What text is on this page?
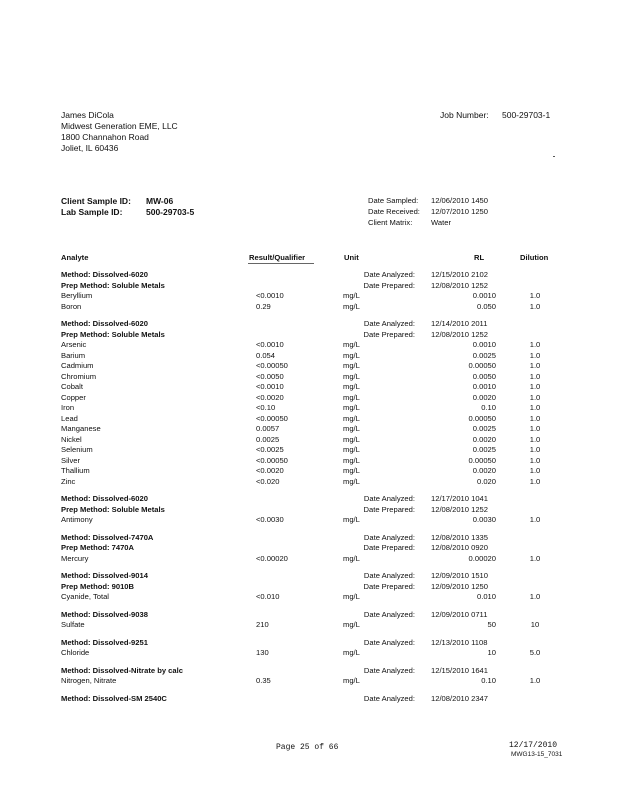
James DiCola
Midwest Generation EME, LLC
1800 Channahon Road
Joliet, IL 60436
Job Number: 500-29703-1
Client Sample ID: MW-06
Lab Sample ID:	500-29703-5
Date Sampled: 12/06/2010 1450
Date Received: 12/07/2010 1250
Client Matrix: Water
Analyte	Result/Qualifier	Unit	RL	Dilution
Method: Dissolved-6020	Date Analyzed: 12/15/2010 2102
Prep Method: Soluble Metals	Date Prepared: 12/08/2010 1252
Beryllium	<0.0010	mg/L	0.0010	1.0
Boron	0.29	mg/L	0.050	1.0
Method: Dissolved-6020	Date Analyzed: 12/14/2010 2011
Prep Method: Soluble Metals	Date Prepared: 12/08/2010 1252
Arsenic	<0.0010	mg/L	0.0010	1.0
Barium	0.054	mg/L	0.0025	1.0
Cadmium	<0.00050	mg/L	0.00050	1.0
Chromium	<0.0050	mg/L	0.0050	1.0
Cobalt	<0.0010	mg/L	0.0010	1.0
Copper	<0.0020	mg/L	0.0020	1.0
Iron	<0.10	mg/L	0.10	1.0
Lead	<0.00050	mg/L	0.00050	1.0
Manganese	0.0057	mg/L	0.0025	1.0
Nickel	0.0025	mg/L	0.0020	1.0
Selenium	<0.0025	mg/L	0.0025	1.0
Silver	<0.00050	mg/L	0.00050	1.0
Thallium	<0.0020	mg/L	0.0020	1.0
Zinc	<0.020	mg/L	0.020	1.0
Method: Dissolved-6020	Date Analyzed: 12/17/2010 1041
Prep Method: Soluble Metals	Date Prepared: 12/08/2010 1252
Antimony	<0.0030	mg/L	0.0030	1.0
Method: Dissolved-7470A	Date Analyzed: 12/08/2010 1335
Prep Method: 7470A	Date Prepared: 12/08/2010 0920
Mercury	<0.00020	mg/L	0.00020	1.0
Method: Dissolved-9014	Date Analyzed: 12/09/2010 1510
Prep Method: 9010B	Date Prepared: 12/09/2010 1250
Cyanide, Total	<0.010	mg/L	0.010	1.0
Method: Dissolved-9038	Date Analyzed: 12/09/2010 0711
Sulfate	210	mg/L	50	10
Method: Dissolved-9251	Date Analyzed: 12/13/2010 1108
Chloride	130	mg/L	10	5.0
Method: Dissolved-Nitrate by calc	Date Analyzed: 12/15/2010 1641
Nitrogen, Nitrate	0.35	mg/L	0.10	1.0
Method: Dissolved-SM 2540C	Date Analyzed: 12/08/2010 2347
Page 25 of 66	12/17/2010
MWG13-15_7031
